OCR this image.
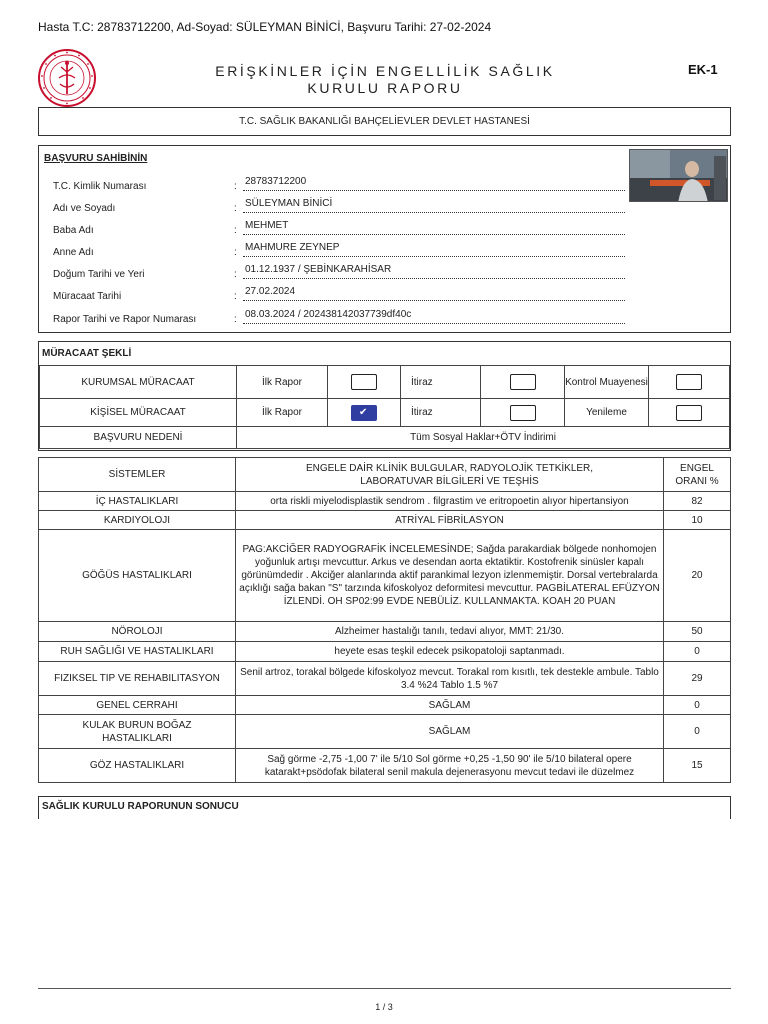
Hasta T.C: 28783712200, Ad-Soyad: SÜLEYMAN BİNİCİ, Başvuru Tarihi: 27-02-2024
ERİŞKİNLER İÇİN ENGELLİLİK SAĞLIK
KURULU RAPORU
EK-1
T.C. SAĞLIK BAKANLIĞI BAHÇELİEVLER DEVLET HASTANESİ
BAŞVURU SAHİBİNİN
T.C. Kimlik Numarası	: 28783712200
Adı ve Soyadı	: SÜLEYMAN BİNİCİ
Baba Adı	: MEHMET
Anne Adı	: MAHMURE ZEYNEP
Doğum Tarihi ve Yeri	: 01.12.1937 / ŞEBİNKARAHİSAR
Müracaat Tarihi	: 27.02.2024
Rapor Tarihi ve Rapor Numarası	: 08.03.2024 / 202438142037739df40c
MÜRACAAT ŞEKLİ
KURUMSAL MÜRACAAT	İlk Rapor		İtiraz		Kontrol Muayenesi	
KİŞİSEL MÜRACAAT	İlk Rapor	✔	İtiraz		Yenileme	
BAŞVURU NEDENİ	Tüm Sosyal Haklar+ÖTV İndirimi					
SİSTEMLER	ENGELE DAİR KLİNİK BULGULAR, RADYOLOJİK TETKİKLER, LABORATUVAR BİLGİLERİ VE TEŞHİS	ENGEL ORANI %
İÇ HASTALIKLARI	orta riskli miyelodisplastik sendrom . filgrastim ve eritropoetin alıyor hipertansiyon	82
KARDIYOLOJI	ATRİYAL FİBRİLASYON	10
GÖĞÜS HASTALIKLARI	PAG:AKCİĞER RADYOGRAFİK İNCELEMESİNDE; Sağda parakardiak bölgede nonhomojen yoğunluk artışı mevcuttur. Arkus ve desendan aorta ektatiktir. Kostofrenik sinüsler kapalı görünümdedir . Akciğer alanlarında aktif parankimal lezyon izlenmemiştir. Dorsal vertebralarda açıklığı sağa bakan "S" tarzında kifoskolyoz deformitesi mevcuttur. PAGBİLATERAL EFÜZYON İZLENDİ. OH SP02:99 EVDE NEBÜLİZ. KULLANMAKTA. KOAH 20 PUAN	20
NÖROLOJI	Alzheimer hastalığı tanılı, tedavi alıyor, MMT: 21/30.	50
RUH SAĞLIĞI VE HASTALIKLARI	heyete esas teşkil edecek psikopatoloji saptanmadı.	0
FIZIKSEL TIP VE REHABILITASYON	Senil artroz, torakal bölgede kifoskolyoz mevcut. Torakal rom kısıtlı, tek destekle ambule. Tablo 3.4 %24 Tablo 1.5 %7	29
GENEL CERRAHI	SAĞLAM	0
KULAK BURUN BOĞAZ HASTALIKLARI	SAĞLAM	0
GÖZ HASTALIKLARI	Sağ görme -2,75 -1,00 7' ile 5/10 Sol görme +0,25 -1,50 90' ile 5/10 bilateral opere katarakt+psödofak bilateral senil makula dejenerasyonu mevcut tedavi ile düzelmez	15
SAĞLIK KURULU RAPORUNUN SONUCU
1 / 3
